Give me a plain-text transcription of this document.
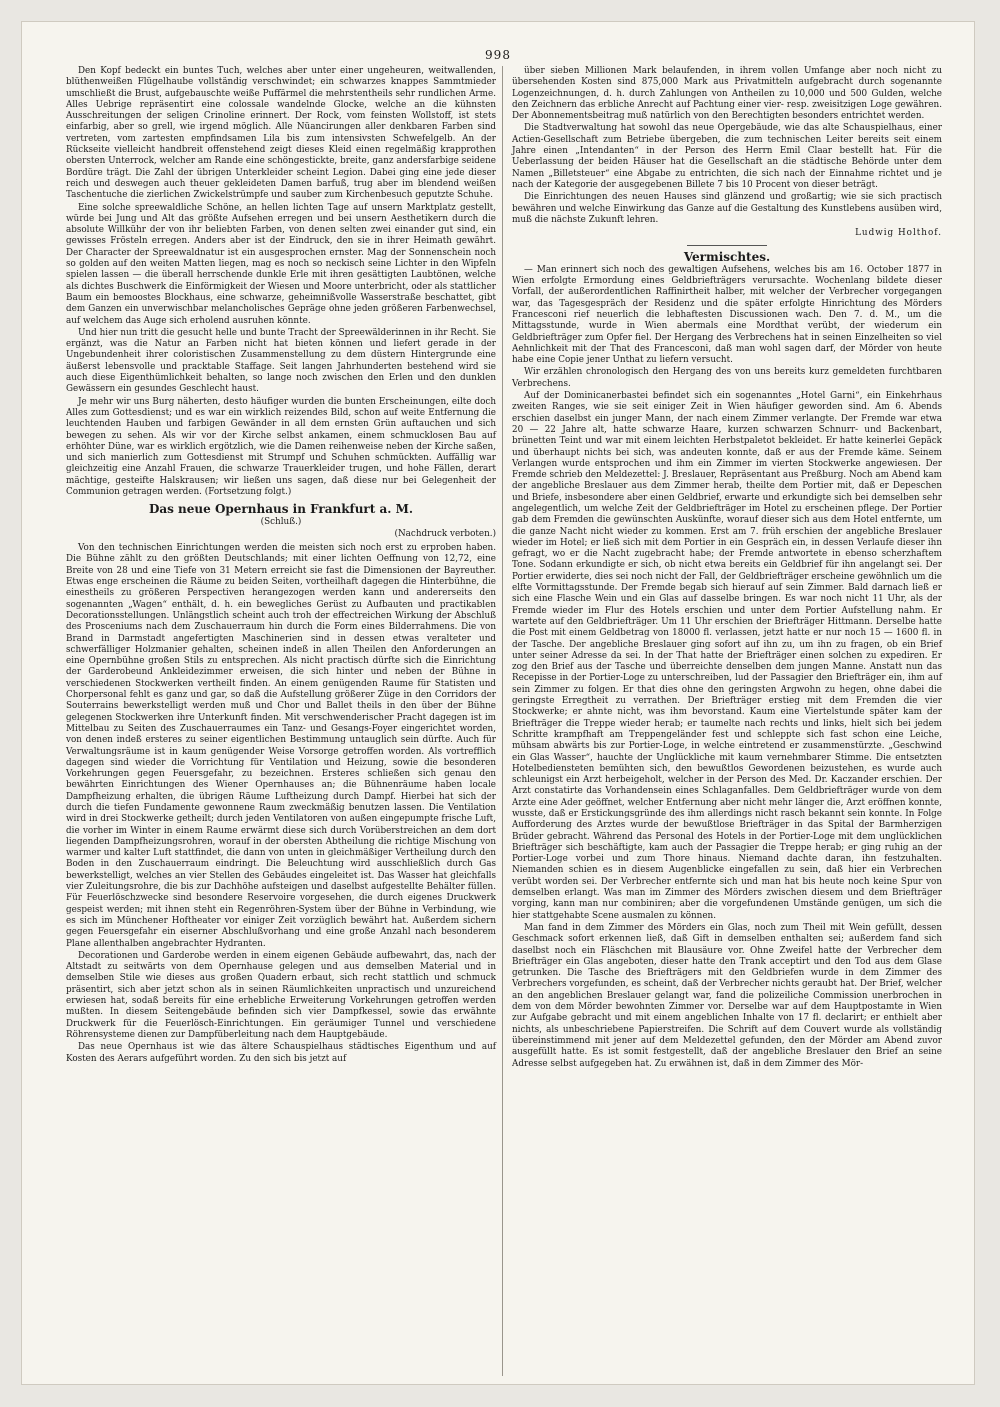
998

Den Kopf bedeckt ein buntes Tuch, welches aber unter einer ungeheuren, weitwallenden, blüthenweißen Flügelhaube vollständig verschwindet; ein schwarzes knappes Sammtmieder umschließt die Brust, aufgebauschte weiße Puffärmel die mehrstentheils sehr rundlichen Arme. Alles Uebrige repräsentirt eine colossale wandelnde Glocke, welche an die kühnsten Ausschreitungen der seligen Crinoline erinnert. Der Rock, vom feinsten Wollstoff, ist stets einfarbig, aber so grell, wie irgend möglich. Alle Nüancirungen aller denkbaren Farben sind vertreten, vom zartesten empfindsamen Lila bis zum intensivsten Schwefelgelb. An der Rückseite vielleicht handbreit offenstehend zeigt dieses Kleid einen regelmäßig krapprothen obersten Unterrock, welcher am Rande eine schöngestickte, breite, ganz andersfarbige seidene Bordüre trägt. Die Zahl der übrigen Unterkleider scheint Legion. Dabei ging eine jede dieser reich und deswegen auch theuer gekleideten Damen barfuß, trug aber im blendend weißen Taschentuche die zierlichen Zwickelstrümpfe und sauber zum Kirchenbesuch geputzte Schuhe.

Eine solche spreewaldliche Schöne, an hellen lichten Tage auf unsern Marktplatz gestellt, würde bei Jung und Alt das größte Aufsehen erregen und bei unsern Aesthetikern durch die absolute Willkühr der von ihr beliebten Farben, von denen selten zwei einander gut sind, ein gewisses Frösteln erregen. Anders aber ist der Eindruck, den sie in ihrer Heimath gewährt. Der Character der Spreewaldnatur ist ein ausgesprochen ernster. Mag der Sonnenschein noch so golden auf den weiten Matten liegen, mag es noch so neckisch seine Lichter in den Wipfeln spielen lassen — die überall herrschende dunkle Erle mit ihren gesättigten Laubtönen, welche als dichtes Buschwerk die Einförmigkeit der Wiesen und Moore unterbricht, oder als stattlicher Baum ein bemoostes Blockhaus, eine schwarze, geheimnißvolle Wasserstraße beschattet, gibt dem Ganzen ein unverwischbar melancholisches Gepräge ohne jeden größeren Farbenwechsel, auf welchem das Auge sich erholend ausruhen könnte.

Und hier nun tritt die gesucht helle und bunte Tracht der Spreewälderinnen in ihr Recht. Sie ergänzt, was die Natur an Farben nicht hat bieten können und liefert gerade in der Ungebundenheit ihrer coloristischen Zusammenstellung zu dem düstern Hintergrunde eine äußerst lebensvolle und pracktable Staffage. Seit langen Jahrhunderten bestehend wird sie auch diese Eigenthümlichkeit behalten, so lange noch zwischen den Erlen und den dunklen Gewässern ein gesundes Geschlecht haust.

Je mehr wir uns Burg näherten, desto häufiger wurden die bunten Erscheinungen, eilte doch Alles zum Gottesdienst; und es war ein wirklich reizendes Bild, schon auf weite Entfernung die leuchtenden Hauben und farbigen Gewänder in all dem ernsten Grün auftauchen und sich bewegen zu sehen. Als wir vor der Kirche selbst ankamen, einem schmucklosen Bau auf erhöhter Düne, war es wirklich ergötzlich, wie die Damen reihenweise neben der Kirche saßen, und sich manierlich zum Gottesdienst mit Strumpf und Schuhen schmückten. Auffällig war gleichzeitig eine Anzahl Frauen, die schwarze Trauerkleider trugen, und hohe Fällen, derart mächtige, gesteifte Halskrausen; wir ließen uns sagen, daß diese nur bei Gelegenheit der Communion getragen werden. (Fortsetzung folgt.)

Das neue Opernhaus in Frankfurt a. M.
(Schluß.)
(Nachdruck verboten.)

Von den technischen Einrichtungen werden die meisten sich noch erst zu erproben haben. Die Bühne zählt zu den größten Deutschlands; mit einer lichten Oeffnung von 12,72, eine Breite von 28 und eine Tiefe von 31 Metern erreicht sie fast die Dimensionen der Bayreuther. Etwas enge erscheinen die Räume zu beiden Seiten, vortheilhaft dagegen die Hinterbühne, die einestheils zu größeren Perspectiven herangezogen werden kann und andererseits den sogenannten „Wagen“ enthält, d. h. ein bewegliches Gerüst zu Aufbauten und practikablen Decorationsstellungen. Unlängstlich scheint auch troh der effectreichen Wirkung der Abschluß des Prosceniums nach dem Zuschauerraum hin durch die Form eines Bilderrahmens. Die von Brand in Darmstadt angefertigten Maschinerien sind in dessen etwas veralteter und schwerfälliger Holzmanier gehalten, scheinen indeß in allen Theilen den Anforderungen an eine Opernbühne großen Stils zu entsprechen. Als nicht practisch dürfte sich die Einrichtung der Garderobeund Ankleidezimmer erweisen, die sich hinter und neben der Bühne in verschiedenen Stockwerken vertheilt finden. An einem genügenden Raume für Statisten und Chorpersonal fehlt es ganz und gar, so daß die Aufstellung größerer Züge in den Corridors der Souterrains bewerkstelligt werden muß und Chor und Ballet theils in den über der Bühne gelegenen Stockwerken ihre Unterkunft finden. Mit verschwenderischer Pracht dagegen ist im Mittelbau zu Seiten des Zuschauerraumes ein Tanz- und Gesangs-Foyer eingerichtet worden, von denen indeß ersteres zu seiner eigentlichen Bestimmung untauglich sein dürfte. Auch für Verwaltungsräume ist in kaum genügender Weise Vorsorge getroffen worden. Als vortrefflich dagegen sind wieder die Vorrichtung für Ventilation und Heizung, sowie die besonderen Vorkehrungen gegen Feuersgefahr, zu bezeichnen. Ersteres schließen sich genau den bewährten Einrichtungen des Wiener Opernhauses an; die Bühnenräume haben locale Dampfheizung erhalten, die übrigen Räume Luftheizung durch Dampf. Hierbei hat sich der durch die tiefen Fundamente gewonnene Raum zweckmäßig benutzen lassen. Die Ventilation wird in drei Stockwerke getheilt; durch jeden Ventilatoren von außen eingepumpte frische Luft, die vorher im Winter in einem Raume erwärmt diese sich durch Vorüberstreichen an dem dort liegenden Dampfheizungsrohren, worauf in der obersten Abtheilung die richtige Mischung von warmer und kalter Luft stattfindet, die dann von unten in gleichmäßiger Vertheilung durch den Boden in den Zuschauerraum eindringt. Die Beleuchtung wird ausschließlich durch Gas bewerkstelligt, welches an vier Stellen des Gebäudes eingeleitet ist. Das Wasser hat gleichfalls vier Zuleitungsrohre, die bis zur Dachhöhe aufsteigen und daselbst aufgestellte Behälter füllen. Für Feuerlöschzwecke sind besondere Reservoire vorgesehen, die durch eigenes Druckwerk gespeist werden; mit ihnen steht ein Regenröhren-System über der Bühne in Verbindung, wie es sich im Münchener Hoftheater vor einiger Zeit vorzüglich bewährt hat. Außerdem sichern gegen Feuersgefahr ein eiserner Abschlußvorhang und eine große Anzahl nach besonderem Plane allenthalben angebrachter Hydranten.

Decorationen und Garderobe werden in einem eigenen Gebäude aufbewahrt, das, nach der Altstadt zu seitwärts von dem Opernhause gelegen und aus demselben Material und in demselben Stile wie dieses aus großen Quadern erbaut, sich recht stattlich und schmuck präsentirt, sich aber jetzt schon als in seinen Räumlichkeiten unpractisch und unzureichend erwiesen hat, sodaß bereits für eine erhebliche Erweiterung Vorkehrungen getroffen werden mußten. In diesem Seitengebäude befinden sich vier Dampfkessel, sowie das erwähnte Druckwerk für die Feuerlösch-Einrichtungen. Ein geräumiger Tunnel und verschiedene Röhrensysteme dienen zur Dampfüberleitung nach dem Hauptgebäude.

Das neue Opernhaus ist wie das ältere Schauspielhaus städtisches Eigenthum und auf Kosten des Aerars aufgeführt worden. Zu den sich bis jetzt auf

über sieben Millionen Mark belaufenden, in ihrem vollen Umfange aber noch nicht zu übersehenden Kosten sind 875,000 Mark aus Privatmitteln aufgebracht durch sogenannte Logenzeichnungen, d. h. durch Zahlungen von Antheilen zu 10,000 und 500 Gulden, welche den Zeichnern das erbliche Anrecht auf Pachtung einer vier- resp. zweisitzigen Loge gewähren. Der Abonnementsbeitrag muß natürlich von den Berechtigten besonders entrichtet werden.

Die Stadtverwaltung hat sowohl das neue Opergebäude, wie das alte Schauspielhaus, einer Actien-Gesellschaft zum Betriebe übergeben, die zum technischen Leiter bereits seit einem Jahre einen „Intendanten“ in der Person des Herrn Emil Claar bestellt hat. Für die Ueberlassung der beiden Häuser hat die Gesellschaft an die städtische Behörde unter dem Namen „Billetsteuer“ eine Abgabe zu entrichten, die sich nach der Einnahme richtet und je nach der Kategorie der ausgegebenen Billete 7 bis 10 Procent von dieser beträgt.

Die Einrichtungen des neuen Hauses sind glänzend und großartig; wie sie sich practisch bewähren und welche Einwirkung das Ganze auf die Gestaltung des Kunstlebens ausüben wird, muß die nächste Zukunft lehren.

Ludwig Holthof.
Vermischtes.

— Man erinnert sich noch des gewaltigen Aufsehens, welches bis am 16. October 1877 in Wien erfolgte Ermordung eines Geldbriefträgers verursachte. Wochenlang bildete dieser Vorfall, der außerordentlichen Raffinirtheit halber, mit welcher der Verbrecher vorgegangen war, das Tagesgespräch der Residenz und die später erfolgte Hinrichtung des Mörders Francesconi rief neuerlich die lebhaftesten Discussionen wach. Den 7. d. M., um die Mittagsstunde, wurde in Wien abermals eine Mordthat verübt, der wiederum ein Geldbriefträger zum Opfer fiel. Der Hergang des Verbrechens hat in seinen Einzelheiten so viel Aehnlichkeit mit der That des Francesconi, daß man wohl sagen darf, der Mörder von heute habe eine Copie jener Unthat zu liefern versucht.

Wir erzählen chronologisch den Hergang des von uns bereits kurz gemeldeten furchtbaren Verbrechens.

Auf der Dominicanerbastei befindet sich ein sogenanntes „Hotel Garni“, ein Einkehrhaus zweiten Ranges, wie sie seit einiger Zeit in Wien häufiger geworden sind. Am 6. Abends erschien daselbst ein junger Mann, der nach einem Zimmer verlangte. Der Fremde war etwa 20 — 22 Jahre alt, hatte schwarze Haare, kurzen schwarzen Schnurr- und Backenbart, brünetten Teint und war mit einem leichten Herbstpaletot bekleidet. Er hatte keinerlei Gepäck und überhaupt nichts bei sich, was andeuten konnte, daß er aus der Fremde käme. Seinem Verlangen wurde entsprochen und ihm ein Zimmer im vierten Stockwerke angewiesen. Der Fremde schrieb den Meldezettel: J. Breslauer, Repräsentant aus Preßburg. Noch am Abend kam der angebliche Breslauer aus dem Zimmer herab, theilte dem Portier mit, daß er Depeschen und Briefe, insbesondere aber einen Geldbrief, erwarte und erkundigte sich bei demselben sehr angelegentlich, um welche Zeit der Geldbriefträger im Hotel zu erscheinen pflege. Der Portier gab dem Fremden die gewünschten Auskünfte, worauf dieser sich aus dem Hotel entfernte, um die ganze Nacht nicht wieder zu kommen. Erst am 7. früh erschien der angebliche Breslauer wieder im Hotel; er ließ sich mit dem Portier in ein Gespräch ein, in dessen Verlaufe dieser ihn gefragt, wo er die Nacht zugebracht habe; der Fremde antwortete in ebenso scherzhaftem Tone. Sodann erkundigte er sich, ob nicht etwa bereits ein Geldbrief für ihn angelangt sei. Der Portier erwiderte, dies sei noch nicht der Fall, der Geldbriefträger erscheine gewöhnlich um die elfte Vormittagsstunde. Der Fremde begab sich hierauf auf sein Zimmer. Bald darnach ließ er sich eine Flasche Wein und ein Glas auf dasselbe bringen. Es war noch nicht 11 Uhr, als der Fremde wieder im Flur des Hotels erschien und unter dem Portier Aufstellung nahm. Er wartete auf den Geldbriefträger. Um 11 Uhr erschien der Briefträger Hittmann. Derselbe hatte die Post mit einem Geldbetrag von 18000 fl. verlassen, jetzt hatte er nur noch 15 — 1600 fl. in der Tasche. Der angebliche Breslauer ging sofort auf ihn zu, um ihn zu fragen, ob ein Brief unter seiner Adresse da sei. In der That hatte der Briefträger einen solchen zu expediren. Er zog den Brief aus der Tasche und überreichte denselben dem jungen Manne. Anstatt nun das Recepisse in der Portier-Loge zu unterschreiben, lud der Passagier den Briefträger ein, ihm auf sein Zimmer zu folgen. Er that dies ohne den geringsten Argwohn zu hegen, ohne dabei die geringste Erregtheit zu verrathen. Der Briefträger erstieg mit dem Fremden die vier Stockwerke; er ahnte nicht, was ihm bevorstand. Kaum eine Viertelstunde später kam der Briefträger die Treppe wieder herab; er taumelte nach rechts und links, hielt sich bei jedem Schritte krampfhaft am Treppengeländer fest und schleppte sich fast schon eine Leiche, mühsam abwärts bis zur Portier-Loge, in welche eintretend er zusammenstürzte. „Geschwind ein Glas Wasser“, hauchte der Unglückliche mit kaum vernehmbarer Stimme. Die entsetzten Hotelbediensteten bemühten sich, den bewußtlos Gewordenen beizustehen, es wurde auch schleunigst ein Arzt herbeigeholt, welcher in der Person des Med. Dr. Kaczander erschien. Der Arzt constatirte das Vorhandensein eines Schlaganfalles. Dem Geldbriefträger wurde von dem Arzte eine Ader geöffnet, welcher Entfernung aber nicht mehr länger die, Arzt eröffnen konnte, wusste, daß er Erstickungsgründe des ihm allerdings nicht rasch bekannt sein konnte. In Folge Aufforderung des Arztes wurde der bewußtlose Briefträger in das Spital der Barmherzigen Brüder gebracht. Während das Personal des Hotels in der Portier-Loge mit dem unglücklichen Briefträger sich beschäftigte, kam auch der Passagier die Treppe herab; er ging ruhig an der Portier-Loge vorbei und zum Thore hinaus. Niemand dachte daran, ihn festzuhalten. Niemanden schien es in diesem Augenblicke eingefallen zu sein, daß hier ein Verbrechen verübt worden sei. Der Verbrecher entfernte sich und man hat bis heute noch keine Spur von demselben erlangt. Was man im Zimmer des Mörders zwischen diesem und dem Briefträger vorging, kann man nur combiniren; aber die vorgefundenen Umstände genügen, um sich die hier stattgehabte Scene ausmalen zu können.

Man fand in dem Zimmer des Mörders ein Glas, noch zum Theil mit Wein gefüllt, dessen Geschmack sofort erkennen ließ, daß Gift in demselben enthalten sei; außerdem fand sich daselbst noch ein Fläschchen mit Blausäure vor. Ohne Zweifel hatte der Verbrecher dem Briefträger ein Glas angeboten, dieser hatte den Trank acceptirt und den Tod aus dem Glase getrunken. Die Tasche des Briefträgers mit den Geldbriefen wurde in dem Zimmer des Verbrechers vorgefunden, es scheint, daß der Verbrecher nichts geraubt hat. Der Brief, welcher an den angeblichen Breslauer gelangt war, fand die polizeiliche Commission unerbrochen in dem von dem Mörder bewohnten Zimmer vor. Derselbe war auf dem Hauptpostamte in Wien zur Aufgabe gebracht und mit einem angeblichen Inhalte von 17 fl. declarirt; er enthielt aber nichts, als unbeschriebene Papierstreifen. Die Schrift auf dem Couvert wurde als vollständig übereinstimmend mit jener auf dem Meldezettel gefunden, den der Mörder am Abend zuvor ausgefüllt hatte. Es ist somit festgestellt, daß der angebliche Breslauer den Brief an seine Adresse selbst aufgegeben hat. Zu erwähnen ist, daß in dem Zimmer des Mör-
